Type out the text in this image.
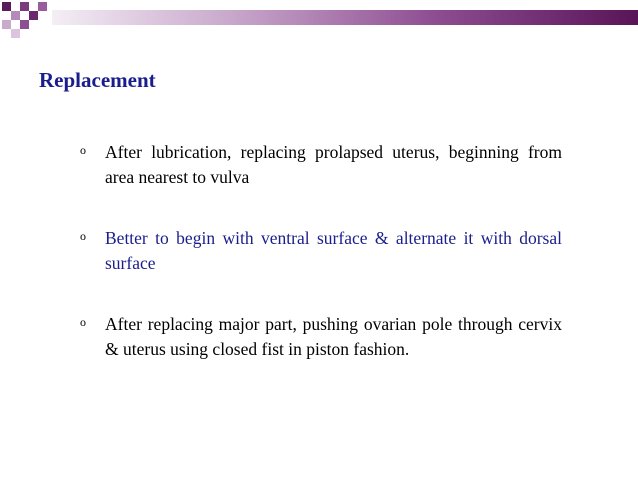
Replacement
o After lubrication, replacing prolapsed uterus, beginning from area nearest to vulva
o Better to begin with ventral surface & alternate it with dorsal surface
o After replacing major part, pushing ovarian pole through cervix & uterus using closed fist in piston fashion.
